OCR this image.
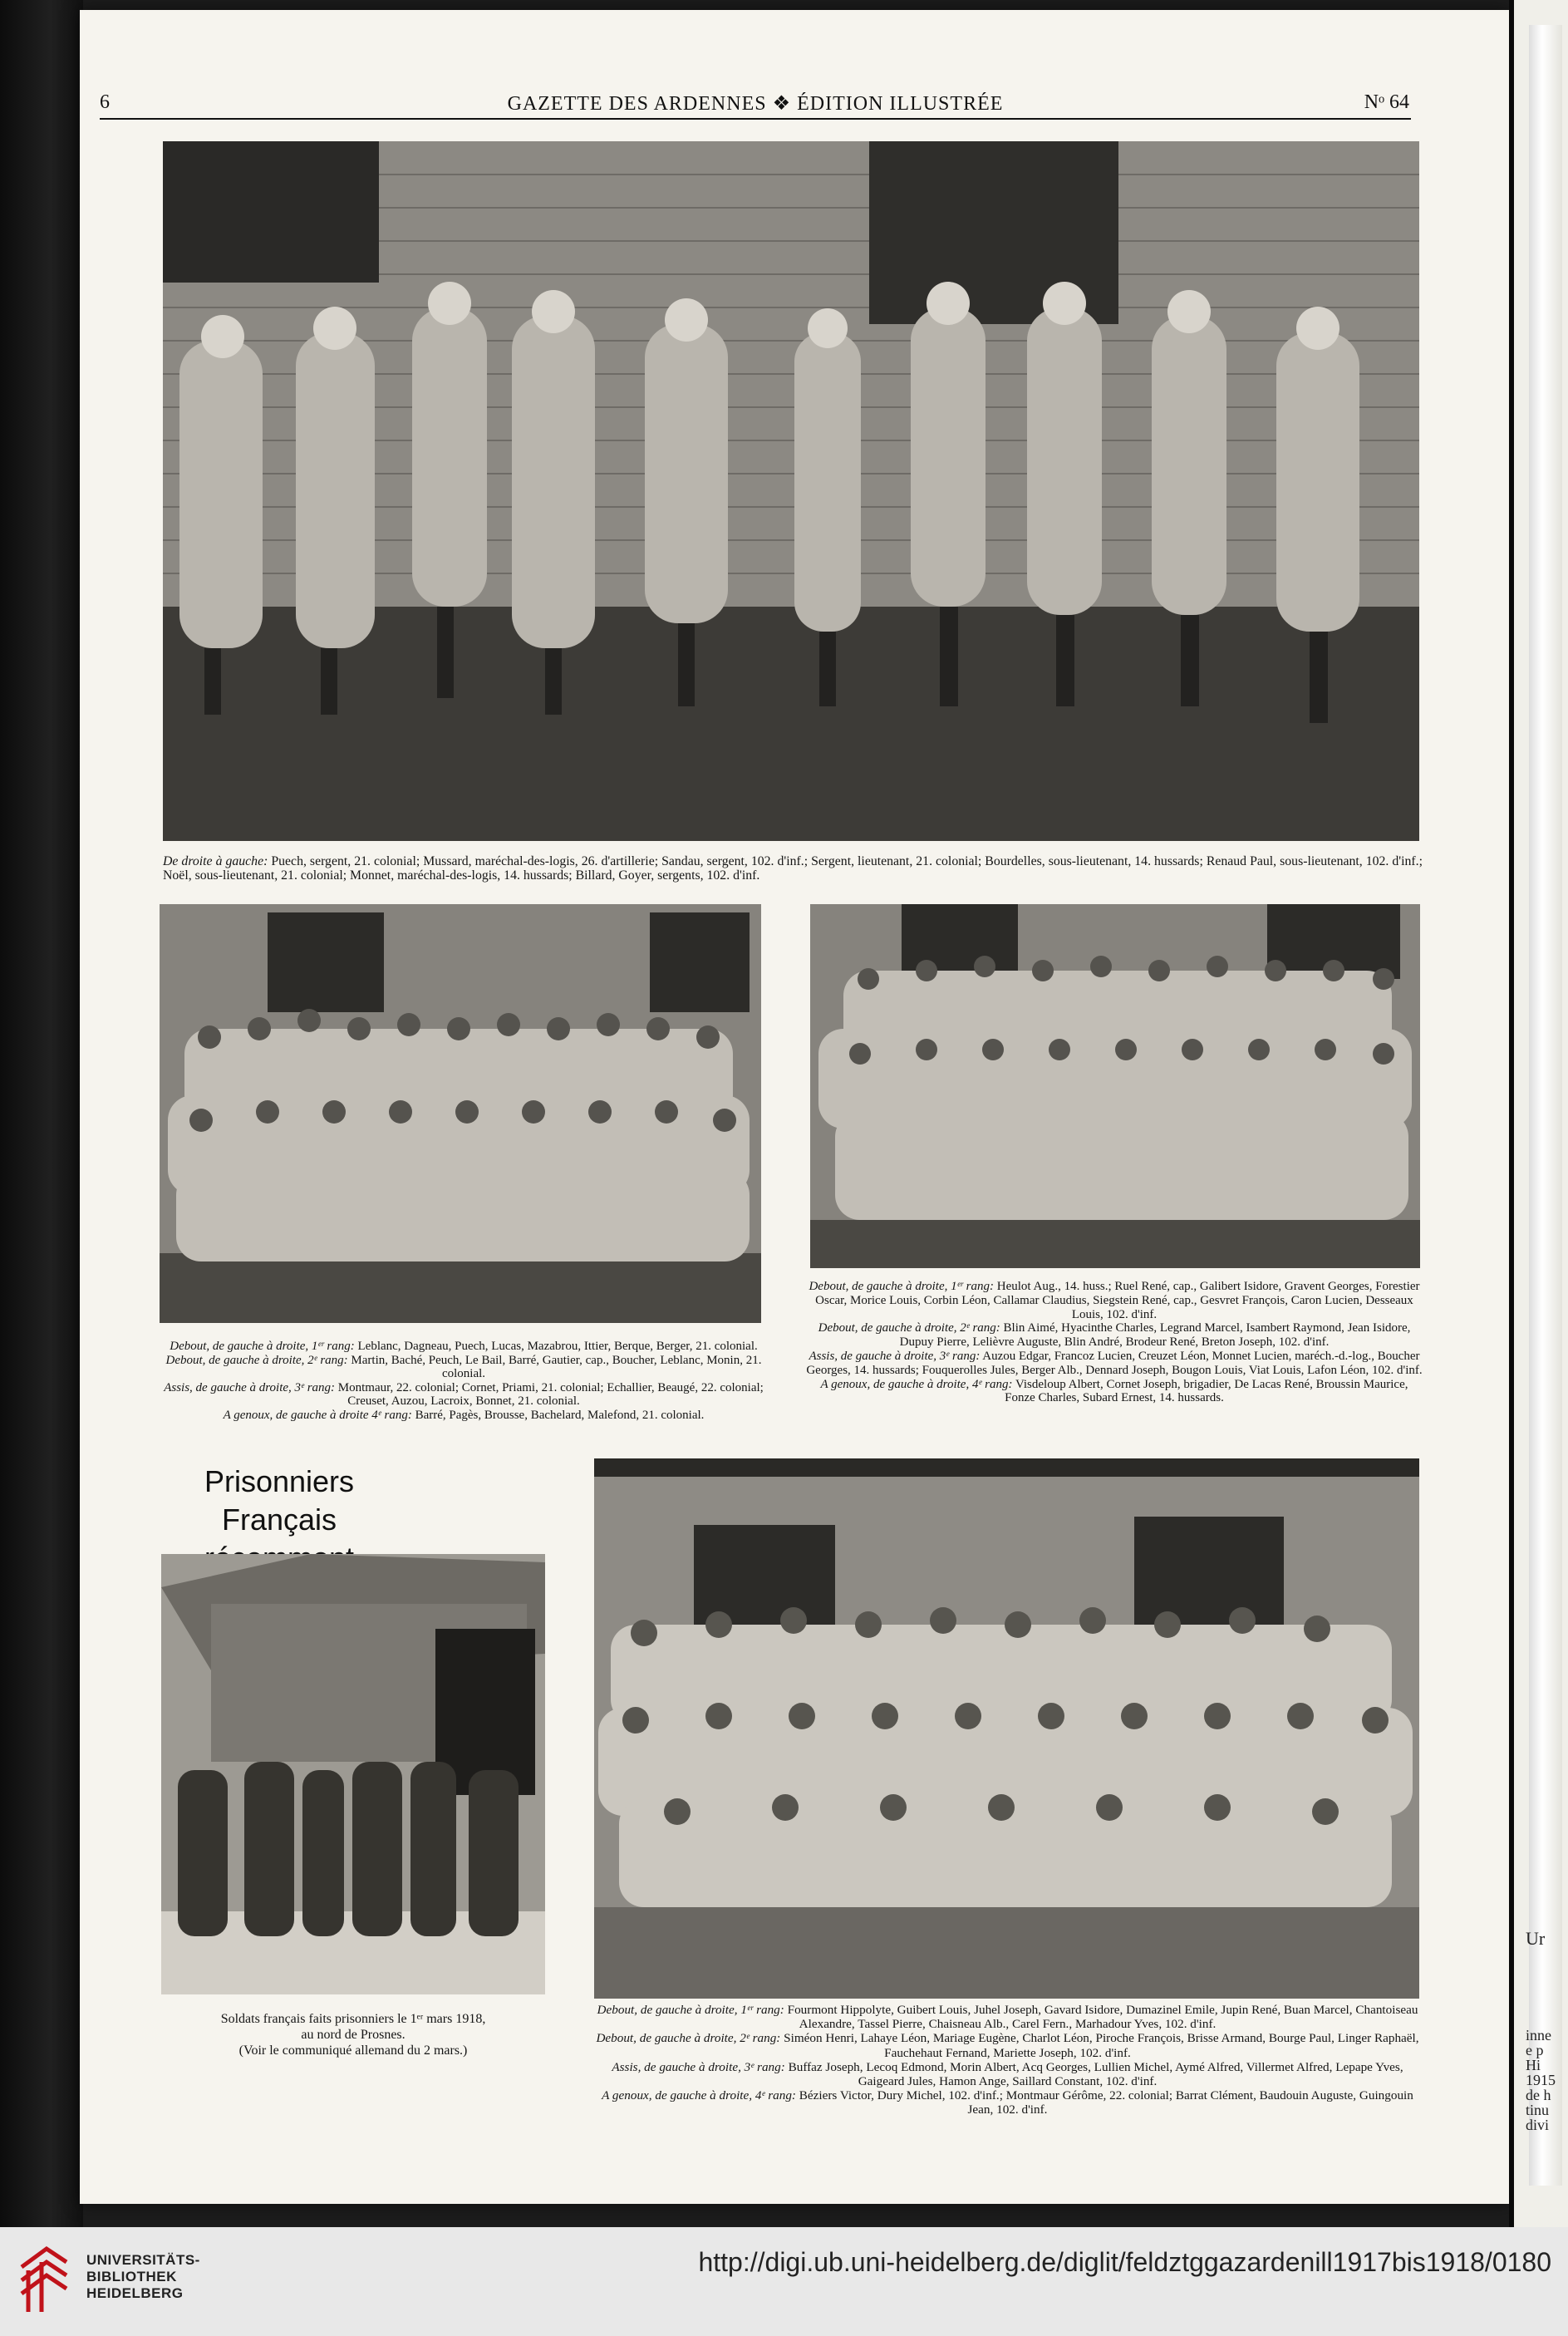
6	GAZETTE DES ARDENNES ❖ ÉDITION ILLUSTRÉE	Nᵒ 64
De droite à gauche: Puech, sergent, 21. colonial; Mussard, maréchal-des-logis, 26. d'artillerie; Sandau, sergent, 102. d'inf.; Sergent, lieutenant, 21. colonial; Bourdelles, sous-lieutenant, 14. hussards; Renaud Paul, sous-lieutenant, 102. d'inf.; Noël, sous-lieutenant, 21. colonial; Monnet, maréchal-des-logis, 14. hussards; Billard, Goyer, sergents, 102. d'inf.

Debout, de gauche à droite, 1ᵉʳ rang: Leblanc, Dagneau, Puech, Lucas, Mazabrou, Ittier, Berque, Berger, 21. colonial.

Debout, de gauche à droite, 2ᵉ rang: Martin, Baché, Peuch, Le Bail, Barré, Gautier, cap., Boucher, Leblanc, Monin, 21. colonial.

Assis, de gauche à droite, 3ᵉ rang: Montmaur, 22. colonial; Cornet, Priami, 21. colonial; Echallier, Beaugé, 22. colonial; Creuset, Auzou, Lacroix, Bonnet, 21. colonial.

A genoux, de gauche à droite 4ᵉ rang: Barré, Pagès, Brousse, Bachelard, Malefond, 21. colonial.

Debout, de gauche à droite, 1ᵉʳ rang: Heulot Aug., 14. huss.; Ruel René, cap., Galibert Isidore, Gravent Georges, Forestier Oscar, Morice Louis, Corbin Léon, Callamar Claudius, Siegstein René, cap., Gesvret François, Caron Lucien, Desseaux Louis, 102. d'inf.

Debout, de gauche à droite, 2ᵉ rang: Blin Aimé, Hyacinthe Charles, Legrand Marcel, Isambert Raymond, Jean Isidore, Dupuy Pierre, Lelièvre Auguste, Blin André, Brodeur René, Breton Joseph, 102. d'inf.

Assis, de gauche à droite, 3ᵉ rang: Auzou Edgar, Francoz Lucien, Creuzet Léon, Monnet Lucien, maréch.-d.-log., Boucher Georges, 14. hussards; Fouquerolles Jules, Berger Alb., Dennard Joseph, Bougon Louis, Viat Louis, Lafon Léon, 102. d'inf.

A genoux, de gauche à droite, 4ᵉ rang: Visdeloup Albert, Cornet Joseph, brigadier, De Lacas René, Broussin Maurice, Fonze Charles, Subard Ernest, 14. hussards.

Prisonniers Français

Soldats français faits prisonniers le 1ᵉʳ mars 1918,

au nord de Prosnes.

(Voir le communiqué allemand du 2 mars.)

Debout, de gauche à droite, 1ᵉʳ rang: Fourmont Hippolyte, Guibert Louis, Juhel Joseph, Gavard Isidore, Dumazinel Emile, Jupin René, Buan Marcel, Chantoiseau Alexandre, Tassel Pierre, Chaisneau Alb., Carel Fern., Marhadour Yves, 102. d'inf.

Debout, de gauche à droite, 2ᵉ rang: Siméon Henri, Lahaye Léon, Mariage Eugène, Charlot Léon, Piroche François, Brisse Armand, Bourge Paul, Linger Raphaël, Fauchehaut Fernand, Mariette Joseph, 102. d'inf.

Assis, de gauche à droite, 3ᵉ rang: Buffaz Joseph, Lecoq Edmond, Morin Albert, Acq Georges, Lullien Michel, Aymé Alfred, Villermet Alfred, Lepape Yves, Gaigeard Jules, Hamon Ange, Saillard Constant, 102. d'inf.

A genoux, de gauche à droite, 4ᵉ rang: Béziers Victor, Dury Michel, 102. d'inf.; Montmaur Gérôme, 22. colonial; Barrat Clément, Baudouin Auguste, Guingouin Jean, 102. d'inf.

Ur
inne
e p
Hi
1915
de h
tinu
divi
UNIVERSITÄTS-
BIBLIOTHEK
HEIDELBERG
http://digi.ub.uni-heidelberg.de/diglit/feldztggazardenill1917bis1918/0180
